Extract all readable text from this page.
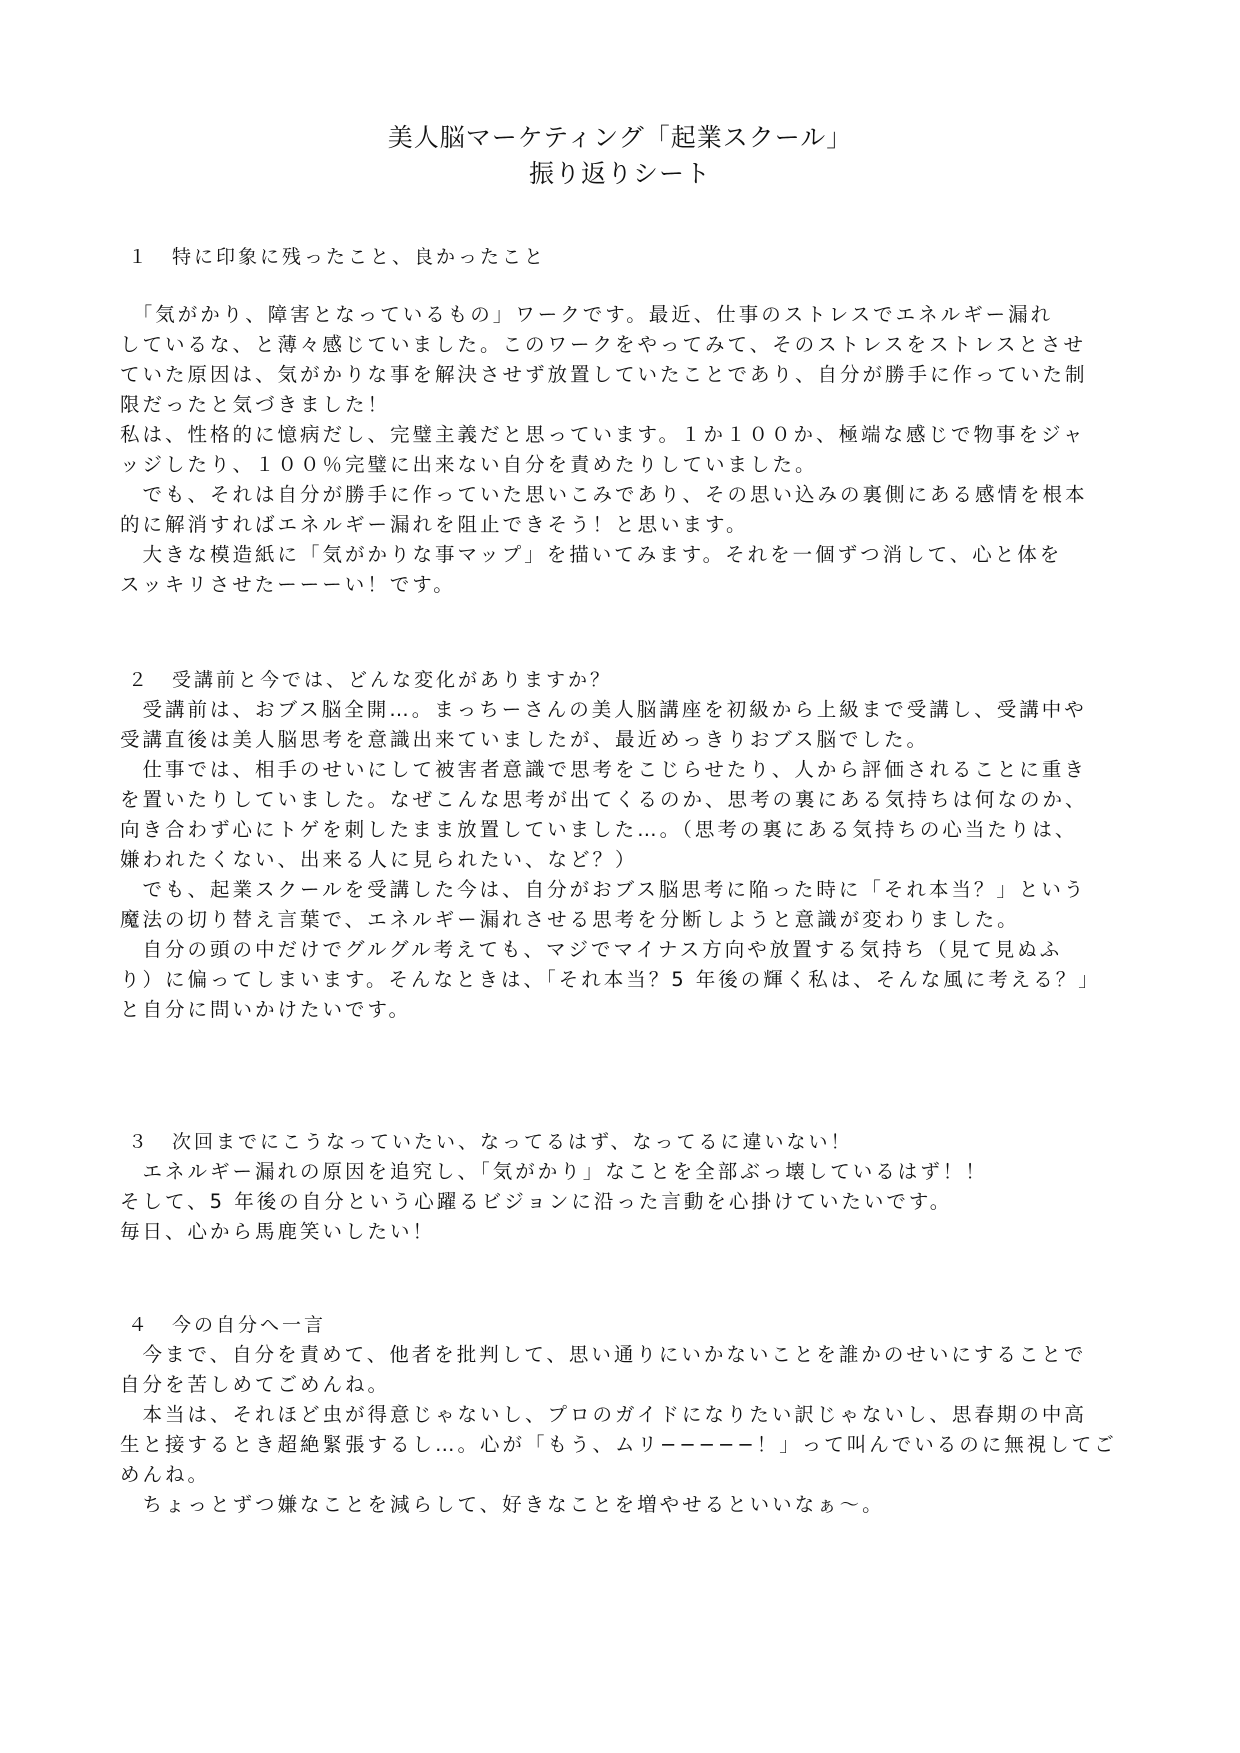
美人脳マーケティング「起業スクール」
振り返りシート
１　特に印象に残ったこと、良かったこと
　「気がかり、障害となっているもの」ワークです。最近、仕事のストレスでエネルギー漏れ
しているな、と薄々感じていました。このワークをやってみて、そのストレスをストレスとさせ
ていた原因は、気がかりな事を解決させず放置していたことであり、自分が勝手に作っていた制
限だったと気づきました！
私は、性格的に憶病だし、完璧主義だと思っています。１か１００か、極端な感じで物事をジャ
ッジしたり、１００％完璧に出来ない自分を責めたりしていました。
　でも、それは自分が勝手に作っていた思いこみであり、その思い込みの裏側にある感情を根本
的に解消すればエネルギー漏れを阻止できそう！と思います。
　大きな模造紙に「気がかりな事マップ」を描いてみます。それを一個ずつ消して、心と体を
スッキリさせたーーーい！です。
２　受講前と今では、どんな変化がありますか？
　受講前は、おブス脳全開…。まっちーさんの美人脳講座を初級から上級まで受講し、受講中や
受講直後は美人脳思考を意識出来ていましたが、最近めっきりおブス脳でした。
　仕事では、相手のせいにして被害者意識で思考をこじらせたり、人から評価されることに重き
を置いたりしていました。なぜこんな思考が出てくるのか、思考の裏にある気持ちは何なのか、
向き合わず心にトゲを刺したまま放置していました…。（思考の裏にある気持ちの心当たりは、
嫌われたくない、出来る人に見られたい、など？）
　でも、起業スクールを受講した今は、自分がおブス脳思考に陥った時に「それ本当？」という
魔法の切り替え言葉で、エネルギー漏れさせる思考を分断しようと意識が変わりました。
　自分の頭の中だけでグルグル考えても、マジでマイナス方向や放置する気持ち（見て見ぬふ
り）に偏ってしまいます。そんなときは、「それ本当？5 年後の輝く私は、そんな風に考える？」
と自分に問いかけたいです。
３　次回までにこうなっていたい、なってるはず、なってるに違いない！
　エネルギー漏れの原因を追究し、「気がかり」なことを全部ぶっ壊しているはず！！
そして、5 年後の自分という心躍るビジョンに沿った言動を心掛けていたいです。
毎日、心から馬鹿笑いしたい！
４　今の自分へ一言
　今まで、自分を責めて、他者を批判して、思い通りにいかないことを誰かのせいにすることで
自分を苦しめてごめんね。
　本当は、それほど虫が得意じゃないし、プロのガイドになりたい訳じゃないし、思春期の中高
生と接するとき超絶緊張するし…。心が「もう、ムリ−−−−−！」って叫んでいるのに無視してご
めんね。
　ちょっとずつ嫌なことを減らして、好きなことを増やせるといいなぁ～。
